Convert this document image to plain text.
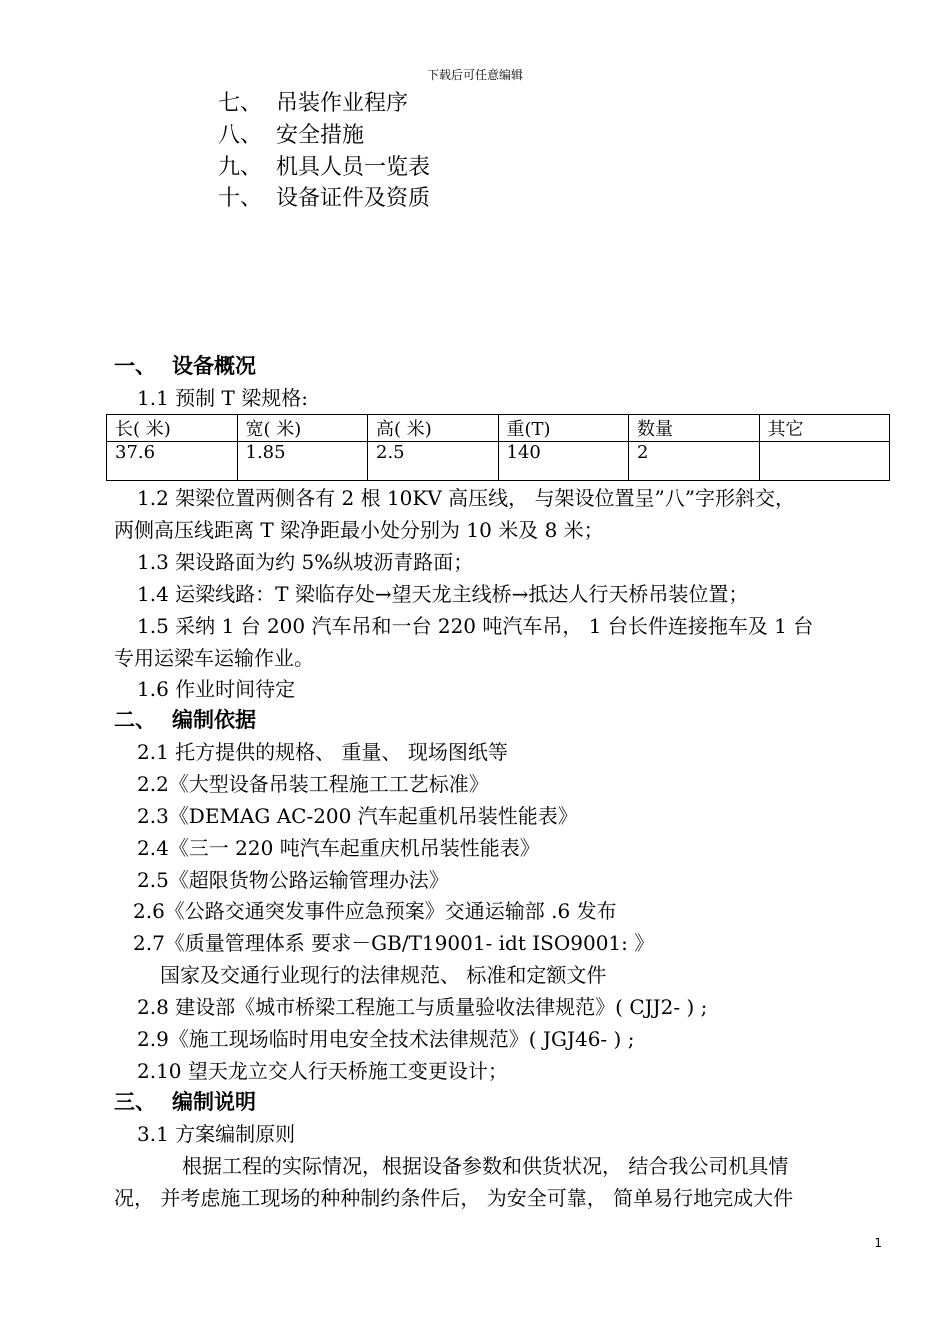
下载后可任意编辑
七、 吊装作业程序
八、 安全措施
九、 机具人员一览表
十、 设备证件及资质
一、 设备概况
1.1 预制 T 梁规格:
长( 米)	宽( 米)	高( 米)	重(T)	数量	其它
37.6	1.85	2.5	140	2	
1.2 架梁位置两侧各有 2 根 10KV 高压线， 与架设位置呈”八”字形斜交，
两侧高压线距离 T 梁净距最小处分别为 10 米及 8 米；
1.3 架设路面为约 5%纵坡沥青路面；
1.4 运梁线路：T 梁临存处→望天龙主线桥→抵达人行天桥吊装位置；
1.5 采纳 1 台 200 汽车吊和一台 220 吨汽车吊， 1 台长件连接拖车及 1 台
专用运梁车运输作业。
1.6 作业时间待定
二、 编制依据
2.1 托方提供的规格、 重量、 现场图纸等
2.2《大型设备吊装工程施工工艺标准》
2.3《DEMAG AC-200 汽车起重机吊装性能表》
2.4《三一 220 吨汽车起重庆机吊装性能表》
2.5《超限货物公路运输管理办法》
2.6《公路交通突发事件应急预案》交通运输部 .6 发布
2.7《质量管理体系 要求－GB/T19001- idt ISO9001: 》
国家及交通行业现行的法律规范、 标准和定额文件
2.8 建设部《城市桥梁工程施工与质量验收法律规范》( CJJ2- ) ;
2.9《施工现场临时用电安全技术法律规范》( JGJ46- ) ;
2.10 望天龙立交人行天桥施工变更设计；
三、 编制说明
3.1 方案编制原则
根据工程的实际情况，根据设备参数和供货状况， 结合我公司机具情
况， 并考虑施工现场的种种制约条件后， 为安全可靠， 简单易行地完成大件
1
